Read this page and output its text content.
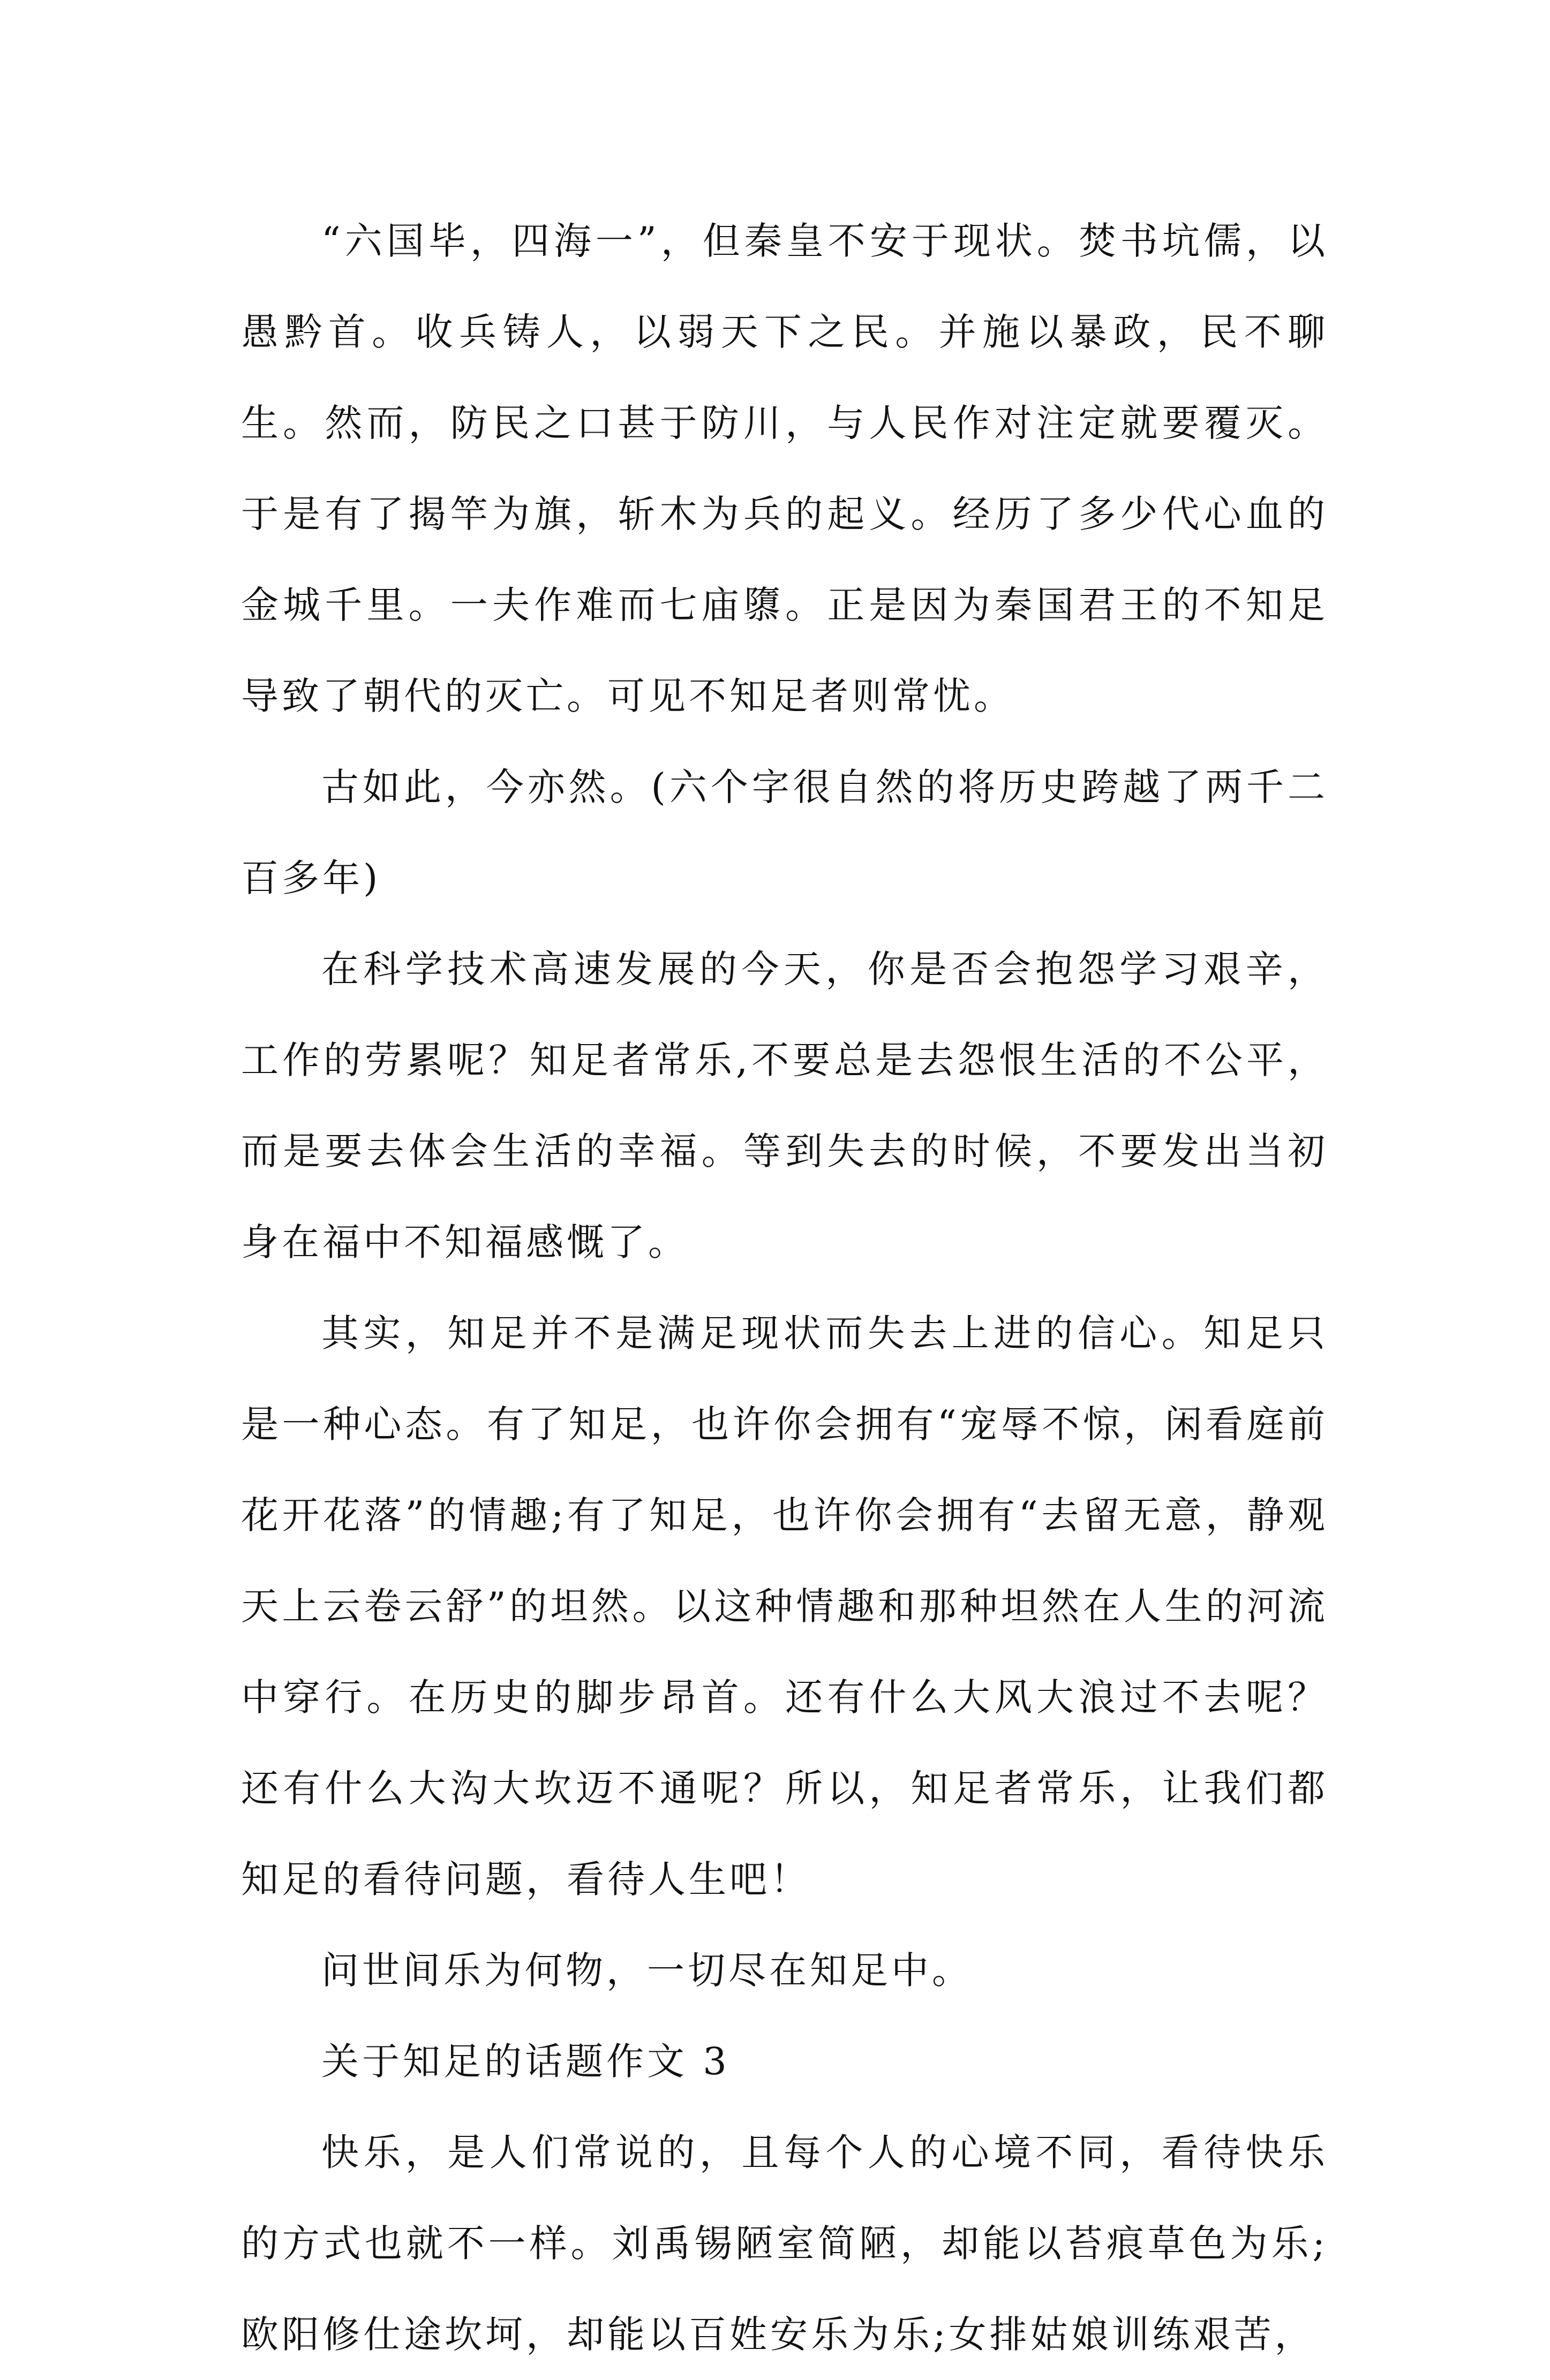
“六国毕，四海一”，但秦皇不安于现状。焚书坑儒，以愚黔首。收兵铸人，以弱天下之民。并施以暴政，民不聊生。然而，防民之口甚于防川，与人民作对注定就要覆灭。于是有了揭竿为旗，斩木为兵的起义。经历了多少代心血的金城千里。一夫作难而七庙隳。正是因为秦国君王的不知足导致了朝代的灭亡。可见不知足者则常忧。

古如此，今亦然。(六个字很自然的将历史跨越了两千二百多年)

在科学技术高速发展的今天，你是否会抱怨学习艰辛，工作的劳累呢？知足者常乐,不要总是去怨恨生活的不公平，而是要去体会生活的幸福。等到失去的时候，不要发出当初身在福中不知福感慨了。

其实，知足并不是满足现状而失去上进的信心。知足只是一种心态。有了知足，也许你会拥有“宠辱不惊，闲看庭前花开花落”的情趣;有了知足，也许你会拥有“去留无意，静观天上云卷云舒”的坦然。以这种情趣和那种坦然在人生的河流中穿行。在历史的脚步昂首。还有什么大风大浪过不去呢？还有什么大沟大坎迈不通呢？所以，知足者常乐，让我们都知足的看待问题，看待人生吧！

问世间乐为何物，一切尽在知足中。

关于知足的话题作文 3

快乐，是人们常说的，且每个人的心境不同，看待快乐的方式也就不一样。刘禹锡陋室简陋，却能以苔痕草色为乐;欧阳修仕途坎坷，却能以百姓安乐为乐;女排姑娘训练艰苦，
